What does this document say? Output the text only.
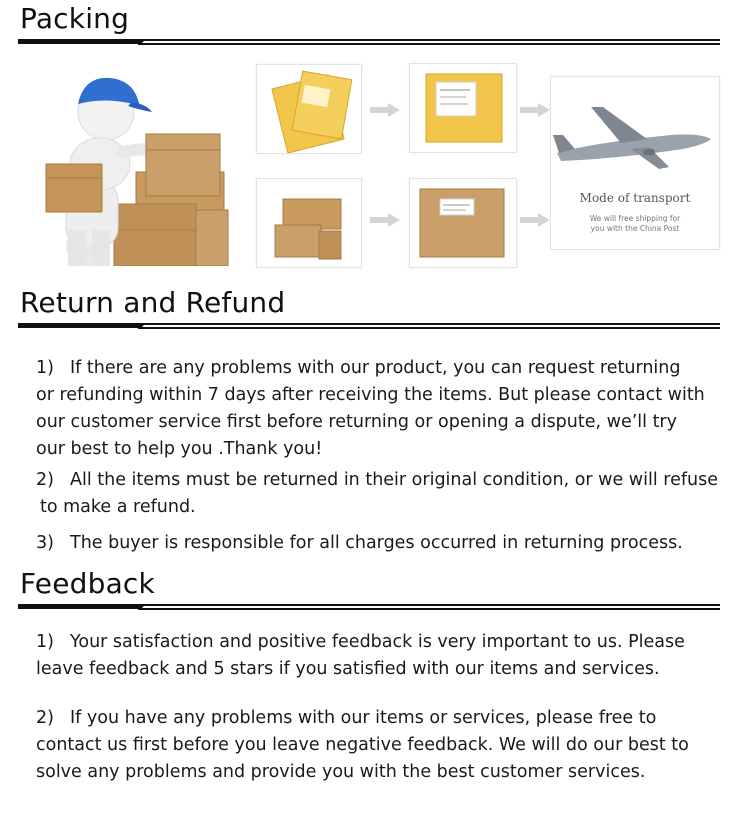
Packing
Mode of transport
We will free shipping for
you with the China Post
Return and Refund
1) If there are any problems with our product, you can request returning
or refunding within 7 days after receiving the items. But please contact with
our customer service first before returning or opening a dispute, we’ll try
our best to help you .Thank you!
2) All the items must be returned in their original condition, or we will refuse
to make a refund.
3) The buyer is responsible for all charges occurred in returning process.
Feedback
1) Your satisfaction and positive feedback is very important to us. Please
leave feedback and 5 stars if you satisfied with our items and services.
2) If you have any problems with our items or services, please free to
contact us first before you leave negative feedback. We will do our best to
solve any problems and provide you with the best customer services.
